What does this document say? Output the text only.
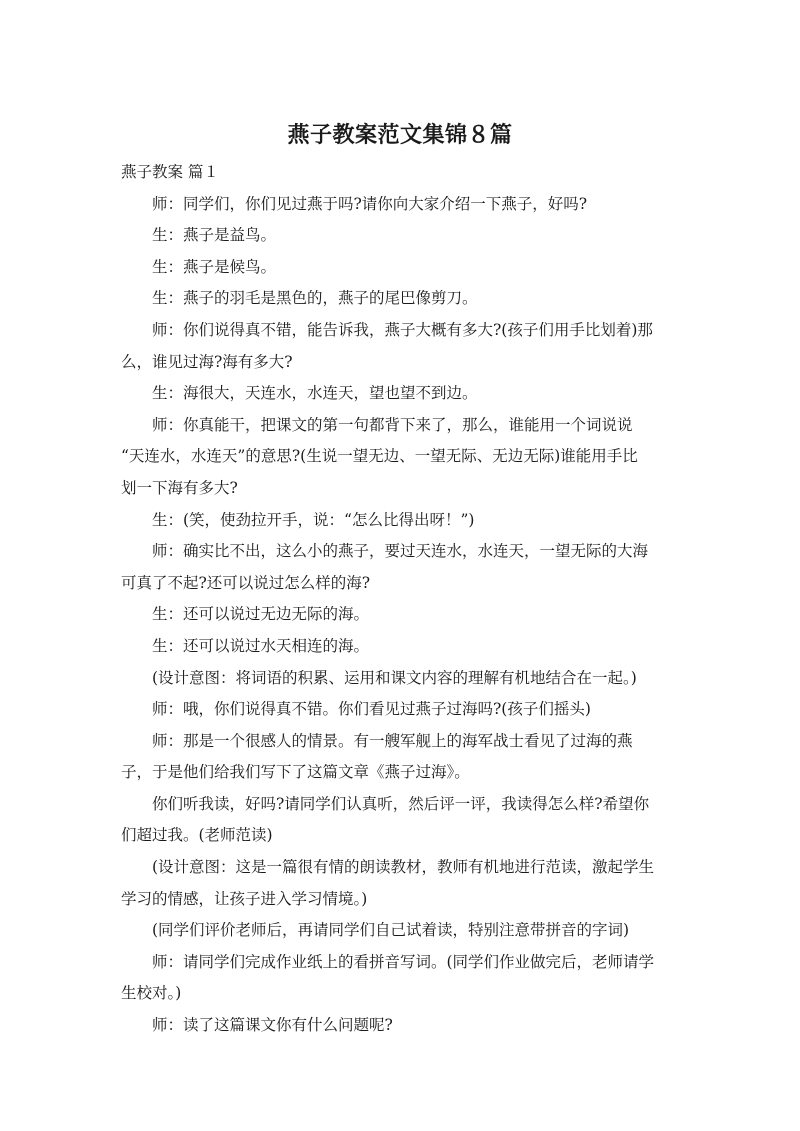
燕子教案范文集锦８篇
燕子教案 篇１
师：同学们，你们见过燕于吗?请你向大家介绍一下燕子，好吗?
生：燕子是益鸟。
生：燕子是候鸟。
生：燕子的羽毛是黑色的，燕子的尾巴像剪刀。
师：你们说得真不错，能告诉我，燕子大概有多大?(孩子们用手比划着)那
么，谁见过海?海有多大?
生：海很大，天连水，水连天，望也望不到边。
师：你真能干，把课文的第一句都背下来了，那么，谁能用一个词说说
“天连水，水连天”的意思?(生说一望无边、一望无际、无边无际)谁能用手比
划一下海有多大?
生：(笑，使劲拉开手，说：“怎么比得出呀！”)
师：确实比不出，这么小的燕子，要过天连水，水连天，一望无际的大海
可真了不起?还可以说过怎么样的海?
生：还可以说过无边无际的海。
生：还可以说过水天相连的海。
(设计意图：将词语的积累、运用和课文内容的理解有机地结合在一起。)
师：哦，你们说得真不错。你们看见过燕子过海吗?(孩子们摇头)
师：那是一个很感人的情景。有一艘军舰上的海军战士看见了过海的燕
子，于是他们给我们写下了这篇文章《燕子过海》。
你们听我读，好吗?请同学们认真听，然后评一评，我读得怎么样?希望你
们超过我。(老师范读)
(设计意图：这是一篇很有情的朗读教材，教师有机地进行范读，激起学生
学习的情感，让孩子进入学习情境。)
(同学们评价老师后，再请同学们自己试着读，特别注意带拼音的字词)
师：请同学们完成作业纸上的看拼音写词。(同学们作业做完后，老师请学
生校对。)
师：读了这篇课文你有什么问题呢?
